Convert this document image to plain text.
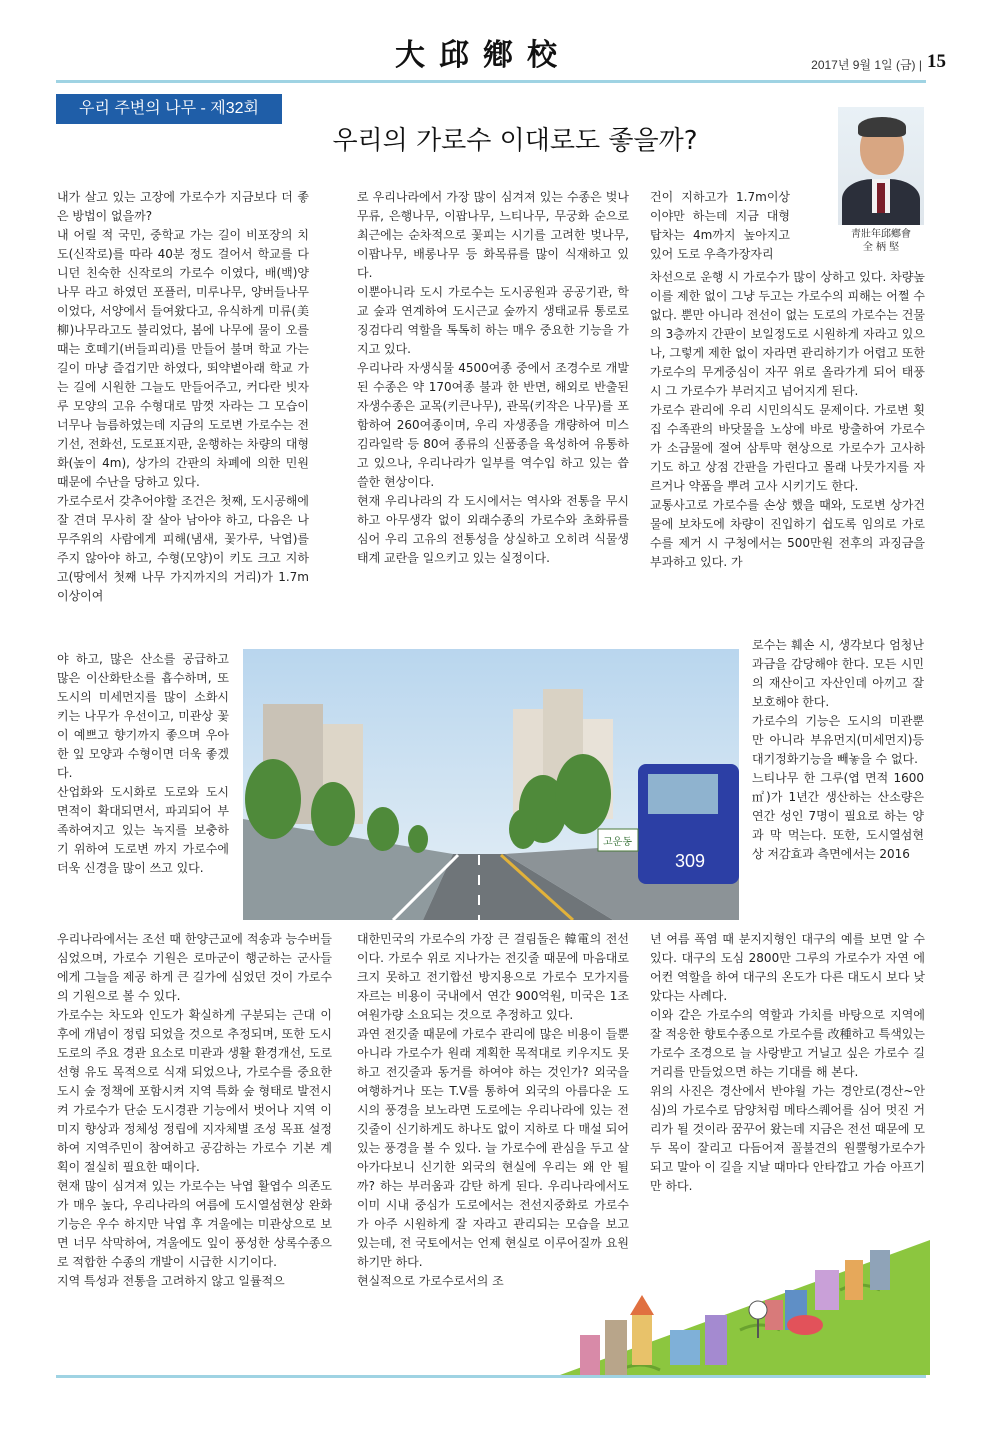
大邱鄕校	2017년 9월 1일 (금) | 15
우리 주변의 나무 - 제32회
우리의 가로수 이대로도 좋을까?
靑壯年邱鄕會
全 柄 堅

내가 살고 있는 고장에 가로수가 지금보다 더 좋은 방법이 없을까?

내 어릴 적 국민, 중학교 가는 길이 비포장의 치도(신작로)를 따라 40분 정도 걸어서 학교를 다니던 친숙한 신작로의 가로수 이였다, 배(백)양나무 라고 하였던 포플러, 미루나무, 양버들나무 이었다, 서양에서 들여왔다고, 유식하게 미류(美柳)나무라고도 불리었다, 봄에 나무에 물이 오를 때는 호떼기(버들피리)를 만들어 불며 학교 가는 길이 마냥 즐겁기만 하였다, 뙤약볕아래 학교 가는 길에 시원한 그늘도 만들어주고, 커다란 빗자루 모양의 고유 수형대로 맘껏 자라는 그 모습이 너무나 늠름하였는데 지금의 도로변 가로수는 전기선, 전화선, 도로표지판, 운행하는 차량의 대형화(높이 4m), 상가의 간판의 차폐에 의한 민원 때문에 수난을 당하고 있다.

가로수로서 갖추어야할 조건은 첫째, 도시공해에 잘 견뎌 무사히 잘 살아 남아야 하고, 다음은 나무주위의 사람에게 피해(냄새, 꽃가루, 낙엽)를 주지 않아야 하고, 수형(모양)이 키도 크고 지하고(땅에서 첫째 나무 가지까지의 거리)가 1.7m이상이여

야 하고, 많은 산소를 공급하고 많은 이산화탄소를 흡수하며, 또 도시의 미세먼지를 많이 소화시키는 나무가 우선이고, 미관상 꽃이 예쁘고 향기까지 좋으며 우아한 잎 모양과 수형이면 더욱 좋겠다.

산업화와 도시화로 도로와 도시면적이 확대되면서, 파괴되어 부족하여지고 있는 녹지를 보충하기 위하여 도로변 까지 가로수에 더욱 신경을 많이 쓰고 있다.

우리나라에서는 조선 때 한양근교에 적송과 능수버들 심었으며, 가로수 기원은 로마군이 행군하는 군사들에게 그늘을 제공 하게 큰 길가에 심었던 것이 가로수의 기원으로 볼 수 있다.

가로수는 차도와 인도가 확실하게 구분되는 근대 이후에 개념이 정립 되었을 것으로 추정되며, 또한 도시 도로의 주요 경관 요소로 미관과 생활 환경개선, 도로 선형 유도 목적으로 식재 되었으나, 가로수를 중요한 도시 숲 정책에 포함시켜 지역 특화 숲 형태로 발전시켜 가로수가 단순 도시경관 기능에서 벗어나 지역 이미지 향상과 정체성 정립에 지자체별 조성 목표 설정하여 지역주민이 참여하고 공감하는 가로수 기본 계획이 절실히 필요한 때이다.

현재 많이 심겨져 있는 가로수는 낙엽 활엽수 의존도가 매우 높다, 우리나라의 여름에 도시열섬현상 완화 기능은 우수 하지만 낙엽 후 겨울에는 미관상으로 보면 너무 삭막하여, 겨울에도 잎이 풍성한 상록수종으로 적합한 수종의 개발이 시급한 시기이다.

지역 특성과 전통을 고려하지 않고 일률적으

로 우리나라에서 가장 많이 심겨져 있는 수종은 벚나무류, 은행나무, 이팝나무, 느티나무, 무궁화 순으로 최근에는 순차적으로 꽃피는 시기를 고려한 벚나무, 이팝나무, 배롱나무 등 화목류를 많이 식재하고 있다.

이뿐아니라 도시 가로수는 도시공원과 공공기관, 학교 숲과 연계하여 도시근교 숲까지 생태교류 통로로 징검다리 역할을 톡톡히 하는 매우 중요한 기능을 가지고 있다.

우리나라 자생식물 4500여종 중에서 조경수로 개발된 수종은 약 170여종 불과 한 반면, 해외로 반출된 자생수종은 교목(키큰나무), 관목(키작은 나무)를 포함하여 260여종이며, 우리 자생종을 개량하여 미스김라일락 등 80여 종류의 신품종을 육성하여 유통하고 있으나, 우리나라가 일부를 역수입 하고 있는 씁쓸한 현상이다.

현재 우리나라의 각 도시에서는 역사와 전통을 무시하고 아무생각 없이 외래수종의 가로수와 초화류를 심어 우리 고유의 전통성을 상실하고 오히려 식물생태계 교란을 일으키고 있는 실정이다.

대한민국의 가로수의 가장 큰 걸림돌은 韓電의 전선이다. 가로수 위로 지나가는 전깃줄 때문에 마음대로 크지 못하고 전기합선 방지용으로 가로수 모가지를 자르는 비용이 국내에서 연간 900억원, 미국은 1조 여원가량 소요되는 것으로 추정하고 있다.

과연 전깃줄 때문에 가로수 관리에 많은 비용이 들뿐 아니라 가로수가 원래 계획한 목적대로 키우지도 못하고 전깃줄과 동거를 하여야 하는 것인가? 외국을 여행하거나 또는 T.V를 통하여 외국의 아름다운 도시의 풍경을 보노라면 도로에는 우리나라에 있는 전깃줄이 신기하게도 하나도 없이 지하로 다 매설 되어 있는 풍경을 볼 수 있다. 늘 가로수에 관심을 두고 살아가다보니 신기한 외국의 현실에 우리는 왜 안 될까? 하는 부러움과 감탄 하게 된다. 우리나라에서도 이미 시내 중심가 도로에서는 전선지중화로 가로수가 아주 시원하게 잘 자라고 관리되는 모습을 보고 있는데, 전 국토에서는 언제 현실로 이루어질까 요원하기만 하다.

현실적으로 가로수로서의 조

건이 지하고가 1.7m이상이야만 하는데 지금 대형 탑차는 4m까지 높아지고 있어 도로 우측가장자리

차선으로 운행 시 가로수가 많이 상하고 있다. 차량높이를 제한 없이 그냥 두고는 가로수의 피해는 어쩔 수 없다. 뿐만 아니라 전선이 없는 도로의 가로수는 건물의 3층까지 간판이 보일정도로 시원하게 자라고 있으나, 그렇게 제한 없이 자라면 관리하기가 어렵고 또한 가로수의 무게중심이 자꾸 위로 올라가게 되어 태풍 시 그 가로수가 부러지고 넘어지게 된다.

가로수 관리에 우리 시민의식도 문제이다. 가로변 횟집 수족관의 바닷물을 노상에 바로 방출하여 가로수가 소금물에 절여 삼투막 현상으로 가로수가 고사하기도 하고 상점 간판을 가린다고 몰래 나뭇가지를 자르거나 약품을 뿌려 고사 시키기도 한다.

교통사고로 가로수를 손상 했을 때와, 도로변 상가건물에 보차도에 차량이 진입하기 쉽도록 임의로 가로수를 제거 시 구청에서는 500만원 전후의 과징금을 부과하고 있다. 가

로수는 훼손 시, 생각보다 엄청난 과금을 감당해야 한다. 모든 시민의 재산이고 자산인데 아끼고 잘 보호해야 한다.

가로수의 기능은 도시의 미관뿐만 아니라 부유먼지(미세먼지)등 대기정화기능을 빼놓을 수 없다.

느티나무 한 그루(엽 면적 1600㎡)가 1년간 생산하는 산소량은 연간 성인 7명이 필요로 하는 양과 막 먹는다. 또한, 도시열섬현상 저감효과 측면에서는 2016

년 여름 폭염 때 분지지형인 대구의 예를 보면 알 수 있다. 대구의 도심 2800만 그루의 가로수가 자연 에어컨 역할을 하여 대구의 온도가 다른 대도시 보다 낮았다는 사례다.

이와 같은 가로수의 역할과 가치를 바탕으로 지역에 잘 적응한 향토수종으로 가로수를 改種하고 특색있는 가로수 조경으로 늘 사랑받고 거닐고 싶은 가로수 길거리를 만들었으면 하는 기대를 해 본다.

위의 사진은 경산에서 반야월 가는 경안로(경산~안심)의 가로수로 담양처럼 메타스퀘어를 심어 멋진 거리가 될 것이라 꿈꾸어 왔는데 지금은 전선 때문에 모두 목이 잘리고 다듬어져 꼴불견의 원뿔형가로수가 되고 말아 이 길을 지날 때마다 안타깝고 가슴 아프기만 하다.

309
고운동
